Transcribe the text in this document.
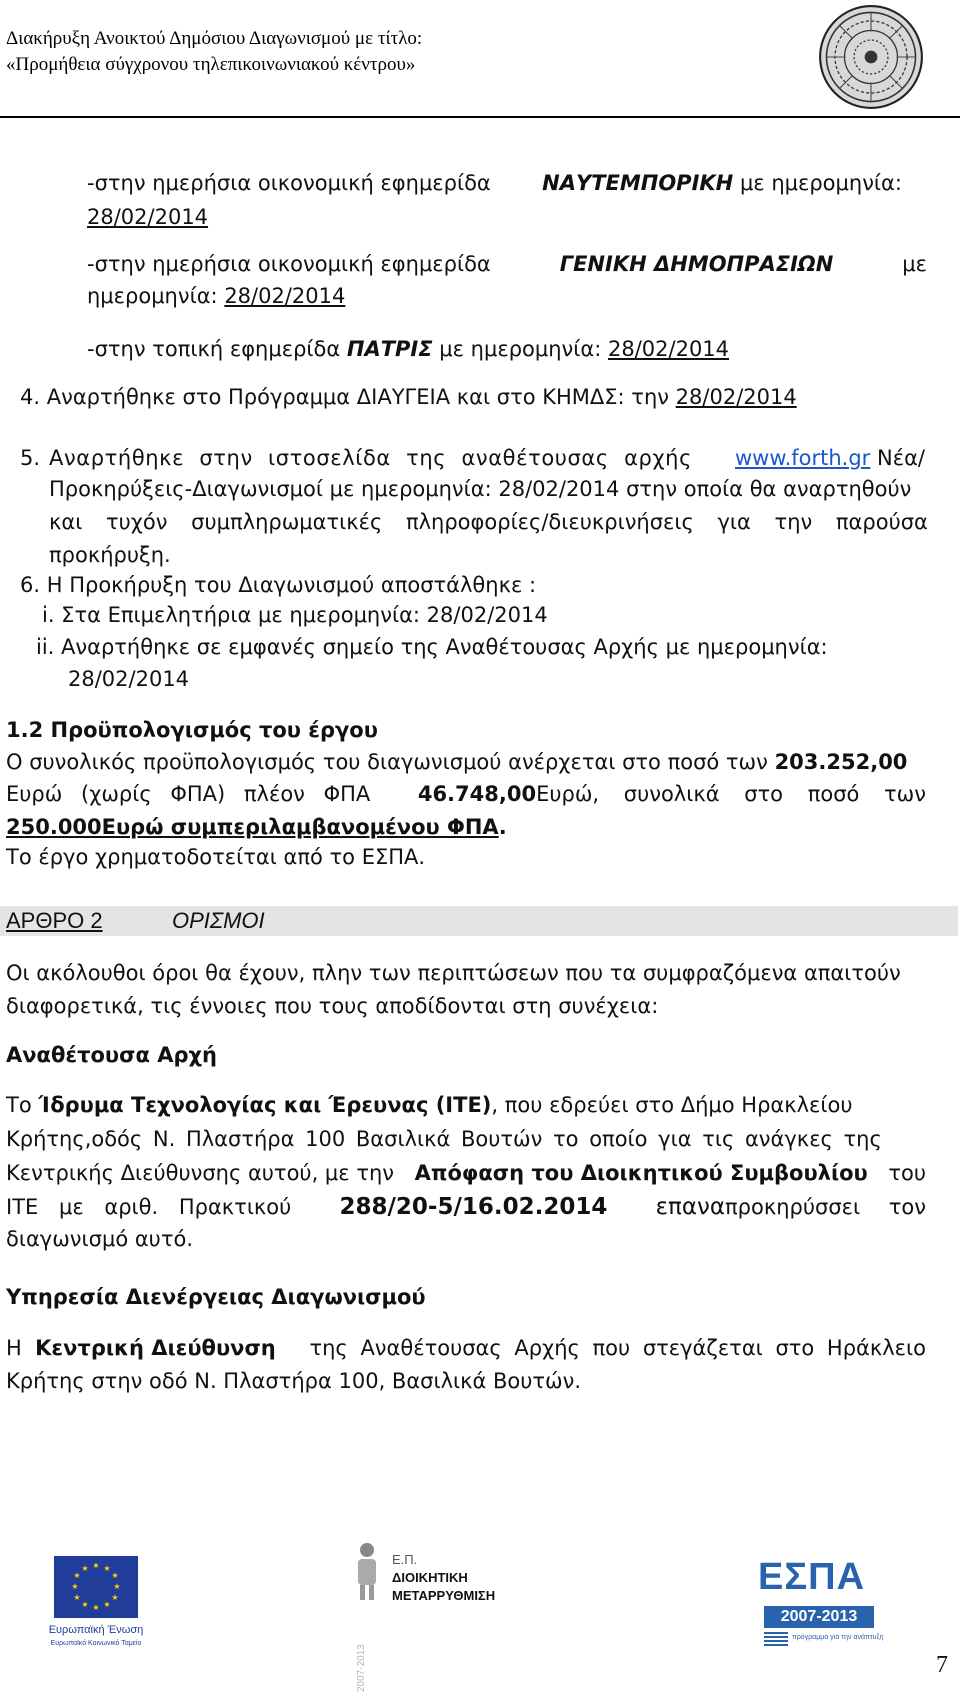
Διακήρυξη Ανοικτού Δημόσιου Διαγωνισμού με τίτλο:
«Προμήθεια σύγχρονου τηλεπικοινωνιακού κέντρου»
-στην ημερήσια οικονομική εφημερίδα ΝΑΥΤΕΜΠΟΡΙΚΗ με ημερομηνία:
28/02/2014
-στην ημερήσια οικονομική εφημερίδα	ΓΕΝΙΚΗ ΔΗΜΟΠΡΑΣΙΩΝ	με
ημερομηνία: 28/02/2014
-στην τοπική εφημερίδα ΠΑΤΡΙΣ με ημερομηνία: 28/02/2014
4. Αναρτήθηκε στο Πρόγραμμα ΔΙΑΥΓΕΙΑ και στο ΚΗΜΔΣ: την 28/02/2014
5. Αναρτήθηκε στην ιστοσελίδα της αναθέτουσας αρχής www.forth.gr Νέα/
Προκηρύξεις-Διαγωνισμοί με ημερομηνία: 28/02/2014 στην οποία θα αναρτηθούν
και τυχόν συμπληρωματικές πληροφορίες/διευκρινήσεις για την παρούσα
προκήρυξη.
6. Η Προκήρυξη του Διαγωνισμού αποστάλθηκε :
i. Στα Επιμελητήρια με ημερομηνία: 28/02/2014
ii. Αναρτήθηκε σε εμφανές σημείο της Αναθέτουσας Αρχής με ημερομηνία:
28/02/2014
1.2 Προϋπολογισμός του έργου
Ο συνολικός προϋπολογισμός του διαγωνισμού ανέρχεται στο ποσό των 203.252,00
Ευρώ (χωρίς ΦΠΑ) πλέον ΦΠΑ 46.748,00Ευρώ, συνολικά στο ποσό των
250.000Ευρώ συμπεριλαμβανομένου ΦΠΑ.
Το έργο χρηματοδοτείται από το ΕΣΠΑ.
ΑΡΘΡΟ 2	ΟΡΙΣΜΟΙ
Οι ακόλουθοι όροι θα έχουν, πλην των περιπτώσεων που τα συμφραζόμενα απαιτούν
διαφορετικά, τις έννοιες που τους αποδίδονται στη συνέχεια:
Αναθέτουσα Αρχή
Το Ίδρυμα Τεχνολογίας και Έρευνας (ΙΤΕ), που εδρεύει στο Δήμο Ηρακλείου
Κρήτης,οδός Ν. Πλαστήρα 100 Βασιλικά Βουτών το οποίο για τις ανάγκες της
Κεντρικής Διεύθυνσης αυτού, με την Απόφαση του Διοικητικού Συμβουλίου του
ΙΤΕ με αριθ. Πρακτικού 288/20-5/16.02.2014 επαναπροκηρύσσει τον
διαγωνισμό αυτό.
Υπηρεσία Διενέργειας Διαγωνισμού
Η Κεντρική Διεύθυνση της Αναθέτουσας Αρχής που στεγάζεται στο Ηράκλειο
Κρήτης στην οδό Ν. Πλαστήρα 100, Βασιλικά Βουτών.
★ ★
★
★
★
★
★
★
★
★
★
★
Ευρωπαϊκή Ένωση
Ευρωπαϊκό Κοινωνικό Ταμείο
2007-2013
Ε.Π.
ΔΙΟΙΚΗΤΙΚΗ
ΜΕΤΑΡΡΥΘΜΙΣΗ	ΕΣΠΑ
2007-2013
πρόγραμμα για την ανάπτυξη
7
